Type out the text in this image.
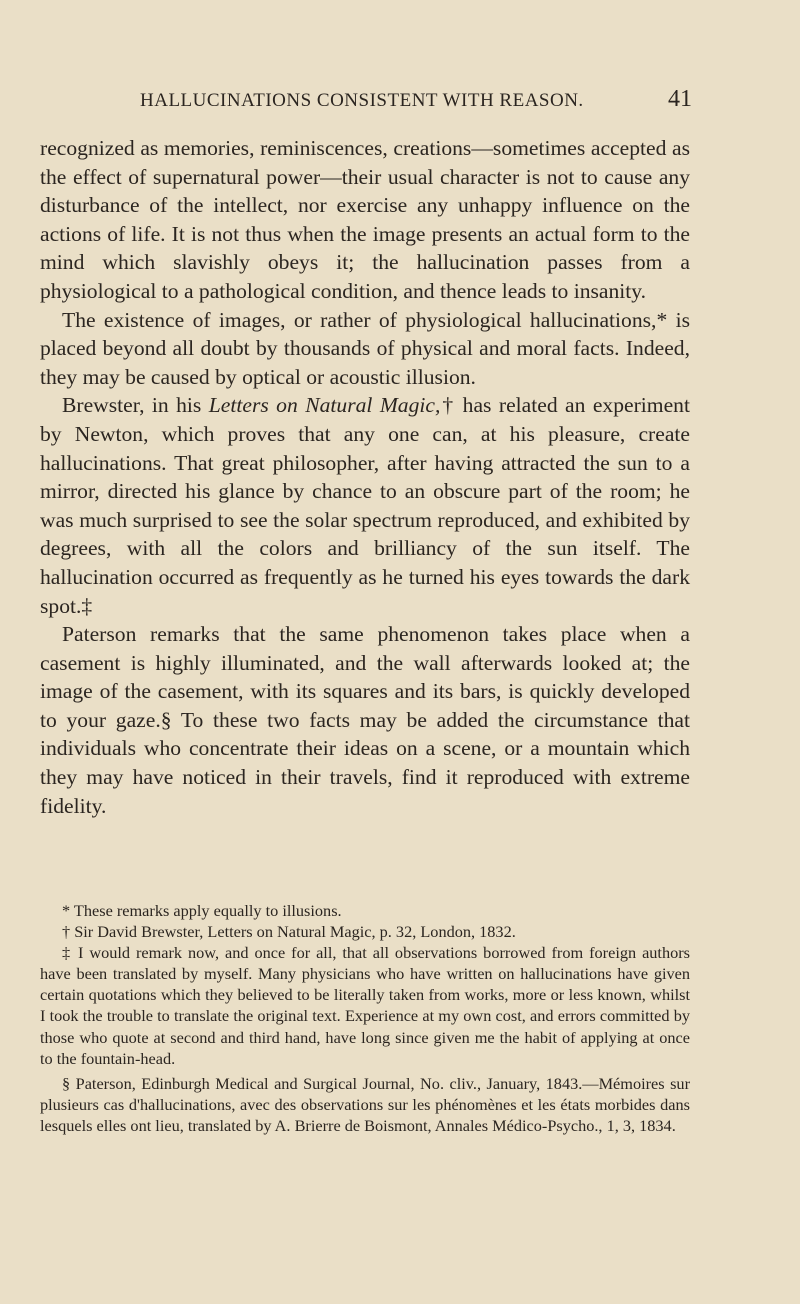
HALLUCINATIONS CONSISTENT WITH REASON.	41

recognized as memories, reminiscences, creations—sometimes accepted as the effect of supernatural power—their usual character is not to cause any disturbance of the intellect, nor exercise any unhappy influence on the actions of life. It is not thus when the image presents an actual form to the mind which slavishly obeys it; the hallucination passes from a physiological to a pathological condition, and thence leads to insanity.

The existence of images, or rather of physiological hallucinations,* is placed beyond all doubt by thousands of physical and moral facts. Indeed, they may be caused by optical or acoustic illusion.

Brewster, in his Letters on Natural Magic,† has related an experiment by Newton, which proves that any one can, at his pleasure, create hallucinations. That great philosopher, after having attracted the sun to a mirror, directed his glance by chance to an obscure part of the room; he was much surprised to see the solar spectrum reproduced, and exhibited by degrees, with all the colors and brilliancy of the sun itself. The hallucination occurred as frequently as he turned his eyes towards the dark spot.‡

Paterson remarks that the same phenomenon takes place when a casement is highly illuminated, and the wall afterwards looked at; the image of the casement, with its squares and its bars, is quickly developed to your gaze.§ To these two facts may be added the circumstance that individuals who concentrate their ideas on a scene, or a mountain which they may have noticed in their travels, find it reproduced with extreme fidelity.

* These remarks apply equally to illusions.

† Sir David Brewster, Letters on Natural Magic, p. 32, London, 1832.

‡ I would remark now, and once for all, that all observations borrowed from foreign authors have been translated by myself. Many physicians who have written on hallucinations have given certain quotations which they believed to be literally taken from works, more or less known, whilst I took the trouble to translate the original text. Experience at my own cost, and errors committed by those who quote at second and third hand, have long since given me the habit of applying at once to the fountain-head.

§ Paterson, Edinburgh Medical and Surgical Journal, No. cliv., January, 1843.—Mémoires sur plusieurs cas d'hallucinations, avec des observations sur les phénomènes et les états morbides dans lesquels elles ont lieu, translated by A. Brierre de Boismont, Annales Médico-Psycho., 1, 3, 1834.
